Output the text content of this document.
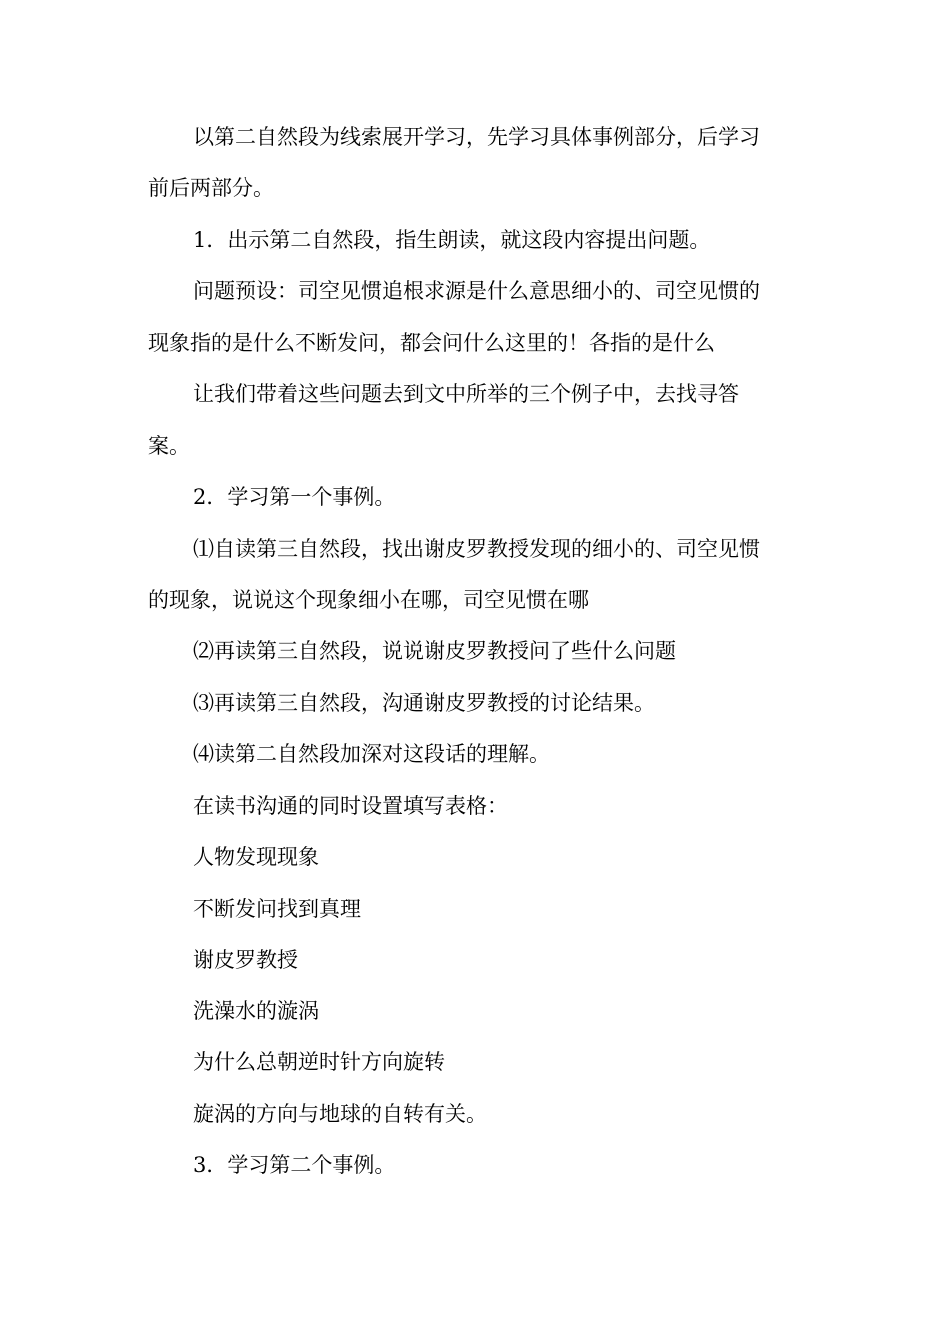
以第二自然段为线索展开学习，先学习具体事例部分，后学习

前后两部分。

1．出示第二自然段，指生朗读，就这段内容提出问题。

问题预设：司空见惯追根求源是什么意思细小的、司空见惯的

现象指的是什么不断发问，都会问什么这里的！各指的是什么

让我们带着这些问题去到文中所举的三个例子中，去找寻答

案。

2．学习第一个事例。

⑴自读第三自然段，找出谢皮罗教授发现的细小的、司空见惯

的现象，说说这个现象细小在哪，司空见惯在哪

⑵再读第三自然段，说说谢皮罗教授问了些什么问题

⑶再读第三自然段，沟通谢皮罗教授的讨论结果。

⑷读第二自然段加深对这段话的理解。

在读书沟通的同时设置填写表格：

人物发现现象

不断发问找到真理

谢皮罗教授

洗澡水的漩涡

为什么总朝逆时针方向旋转

旋涡的方向与地球的自转有关。

3．学习第二个事例。
